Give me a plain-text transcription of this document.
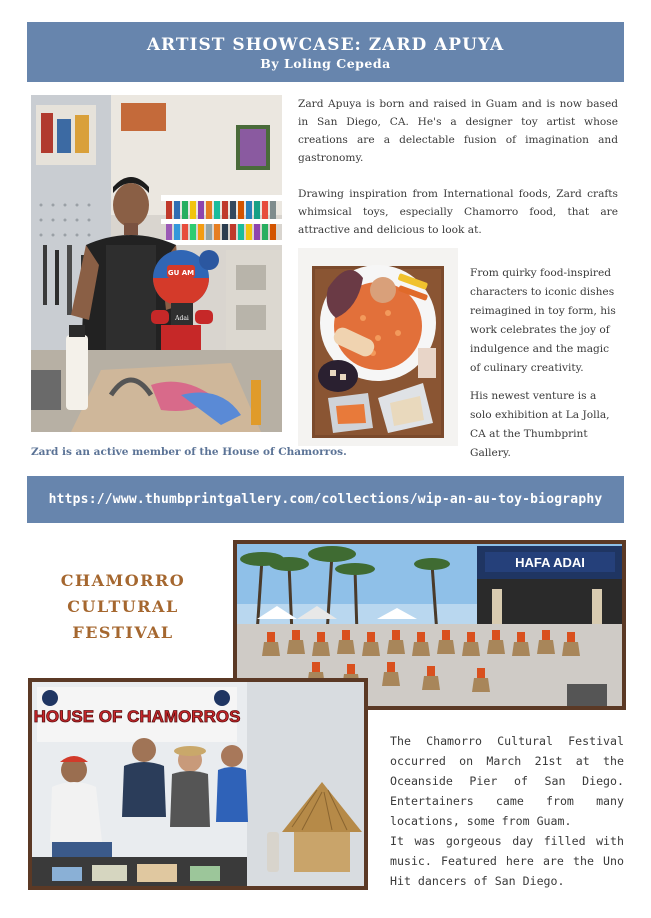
ARTIST SHOWCASE: ZARD APUYA
By Loling Cepeda
GU AM
Adai
Zard Apuya is born and raised in Guam and is now based in San Diego, CA. He's a designer toy artist whose creations are a delectable fusion of imagination and gastronomy.
Drawing inspiration from International foods, Zard crafts whimsical toys, especially Chamorro food, that are attractive and delicious to look at.
From quirky food-inspired characters to iconic dishes reimagined in toy form, his work celebrates the joy of indulgence and the magic of culinary creativity.
His newest venture is a solo exhibition at La Jolla, CA at the Thumbprint Gallery.
Zard is an active member of the House of Chamorros.
https://www.thumbprintgallery.com/collections/wip-an-au-toy-biography
CHAMORRO
CULTURAL
FESTIVAL
HAFA ADAI
HOUSE OF CHAMORROS

The Chamorro Cultural Festival occurred on March 21st at the Oceanside Pier of San Diego. Entertainers came from many locations, some from Guam.

It was gorgeous day filled with music. Featured here are the Uno Hit dancers of San Diego.
